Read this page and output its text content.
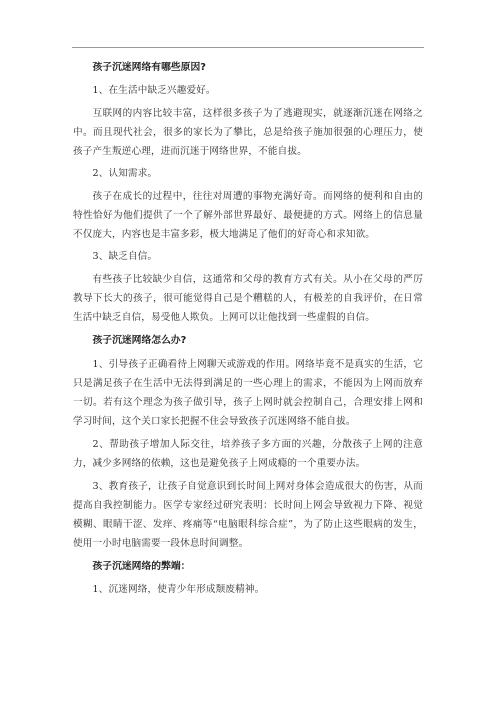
孩子沉迷网络有哪些原因?

1、在生活中缺乏兴趣爱好。

互联网的内容比较丰富，这样很多孩子为了逃避现实，就逐渐沉迷在网络之中。而且现代社会，很多的家长为了攀比，总是给孩子施加很强的心理压力，使孩子产生叛逆心理，进而沉迷于网络世界，不能自拔。

2、认知需求。

孩子在成长的过程中，往往对周遭的事物充满好奇。而网络的便利和自由的特性恰好为他们提供了一个了解外部世界最好、最便捷的方式。网络上的信息量不仅庞大，内容也是丰富多彩，极大地满足了他们的好奇心和求知欲。

3、缺乏自信。

有些孩子比较缺少自信，这通常和父母的教育方式有关。从小在父母的严厉教导下长大的孩子，很可能觉得自己是个糟糕的人，有极差的自我评价，在日常生活中缺乏自信，易受他人欺负。上网可以让他找到一些虚假的自信。

孩子沉迷网络怎么办?

1、引导孩子正确看待上网聊天或游戏的作用。网络毕竟不是真实的生活，它只是满足孩子在生活中无法得到满足的一些心理上的需求，不能因为上网而放弃一切。若有这个理念为孩子做引导，孩子上网时就会控制自己，合理安排上网和学习时间，这个关口家长把握不住会导致孩子沉迷网络不能自拔。

2、帮助孩子增加人际交往，培养孩子多方面的兴趣，分散孩子上网的注意力，减少多网络的依赖，这也是避免孩子上网成瘾的一个重要办法。

3、教育孩子，让孩子自觉意识到长时间上网对身体会造成很大的伤害，从而提高自我控制能力。医学专家经过研究表明：长时间上网会导致视力下降、视觉模糊、眼睛干涩、发痒、疼痛等“电脑眼科综合症”，为了防止这些眼病的发生，使用一小时电脑需要一段休息时间调整。

孩子沉迷网络的弊端：

1、沉迷网络，使青少年形成颓废精神。
